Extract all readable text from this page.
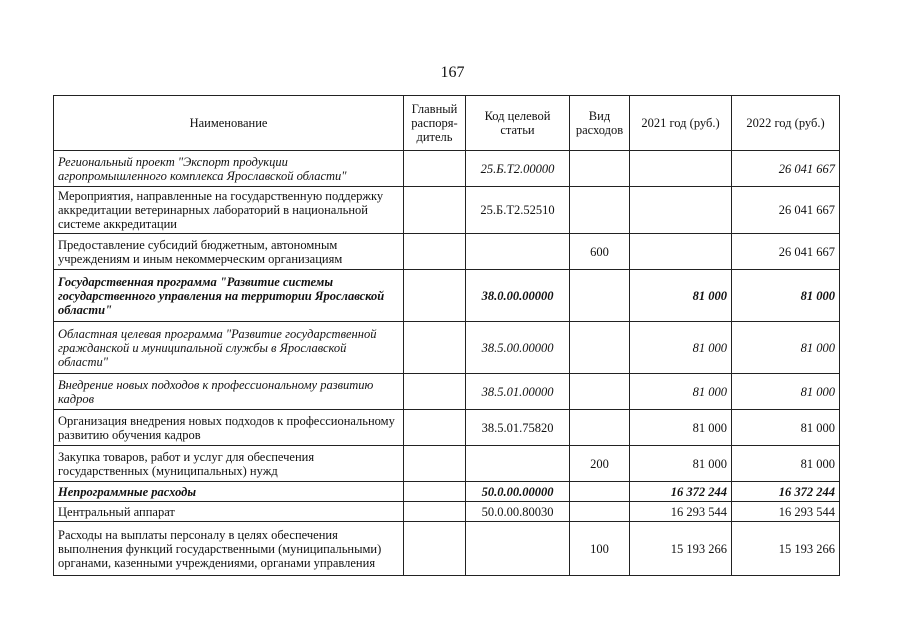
167
Наименование	Главный распоря-дитель	Код целевой статьи	Вид расходов	2021 год (руб.)	2022 год (руб.)
Региональный проект "Экспорт продукции агропромышленного комплекса Ярославской области"		25.Б.Т2.00000			26 041 667
Мероприятия, направленные на государственную поддержку аккредитации ветеринарных лабораторий в национальной системе аккредитации		25.Б.Т2.52510			26 041 667
Предоставление субсидий бюджетным, автономным учреждениям и иным некоммерческим организациям			600		26 041 667
Государственная программа "Развитие системы государственного управления на территории Ярославской области"		38.0.00.00000		81 000	81 000
Областная целевая программа "Развитие государственной гражданской и муниципальной службы в Ярославской области"		38.5.00.00000		81 000	81 000
Внедрение новых подходов к профессиональному развитию кадров		38.5.01.00000		81 000	81 000
Организация внедрения новых подходов к профессиональному развитию обучения кадров		38.5.01.75820		81 000	81 000
Закупка товаров, работ и услуг для обеспечения государственных (муниципальных) нужд			200	81 000	81 000
Непрограммные расходы		50.0.00.00000		16 372 244	16 372 244
Центральный аппарат		50.0.00.80030		16 293 544	16 293 544
Расходы на выплаты персоналу в целях обеспечения выполнения функций государственными (муниципальными) органами, казенными учреждениями, органами управления			100	15 193 266	15 193 266
